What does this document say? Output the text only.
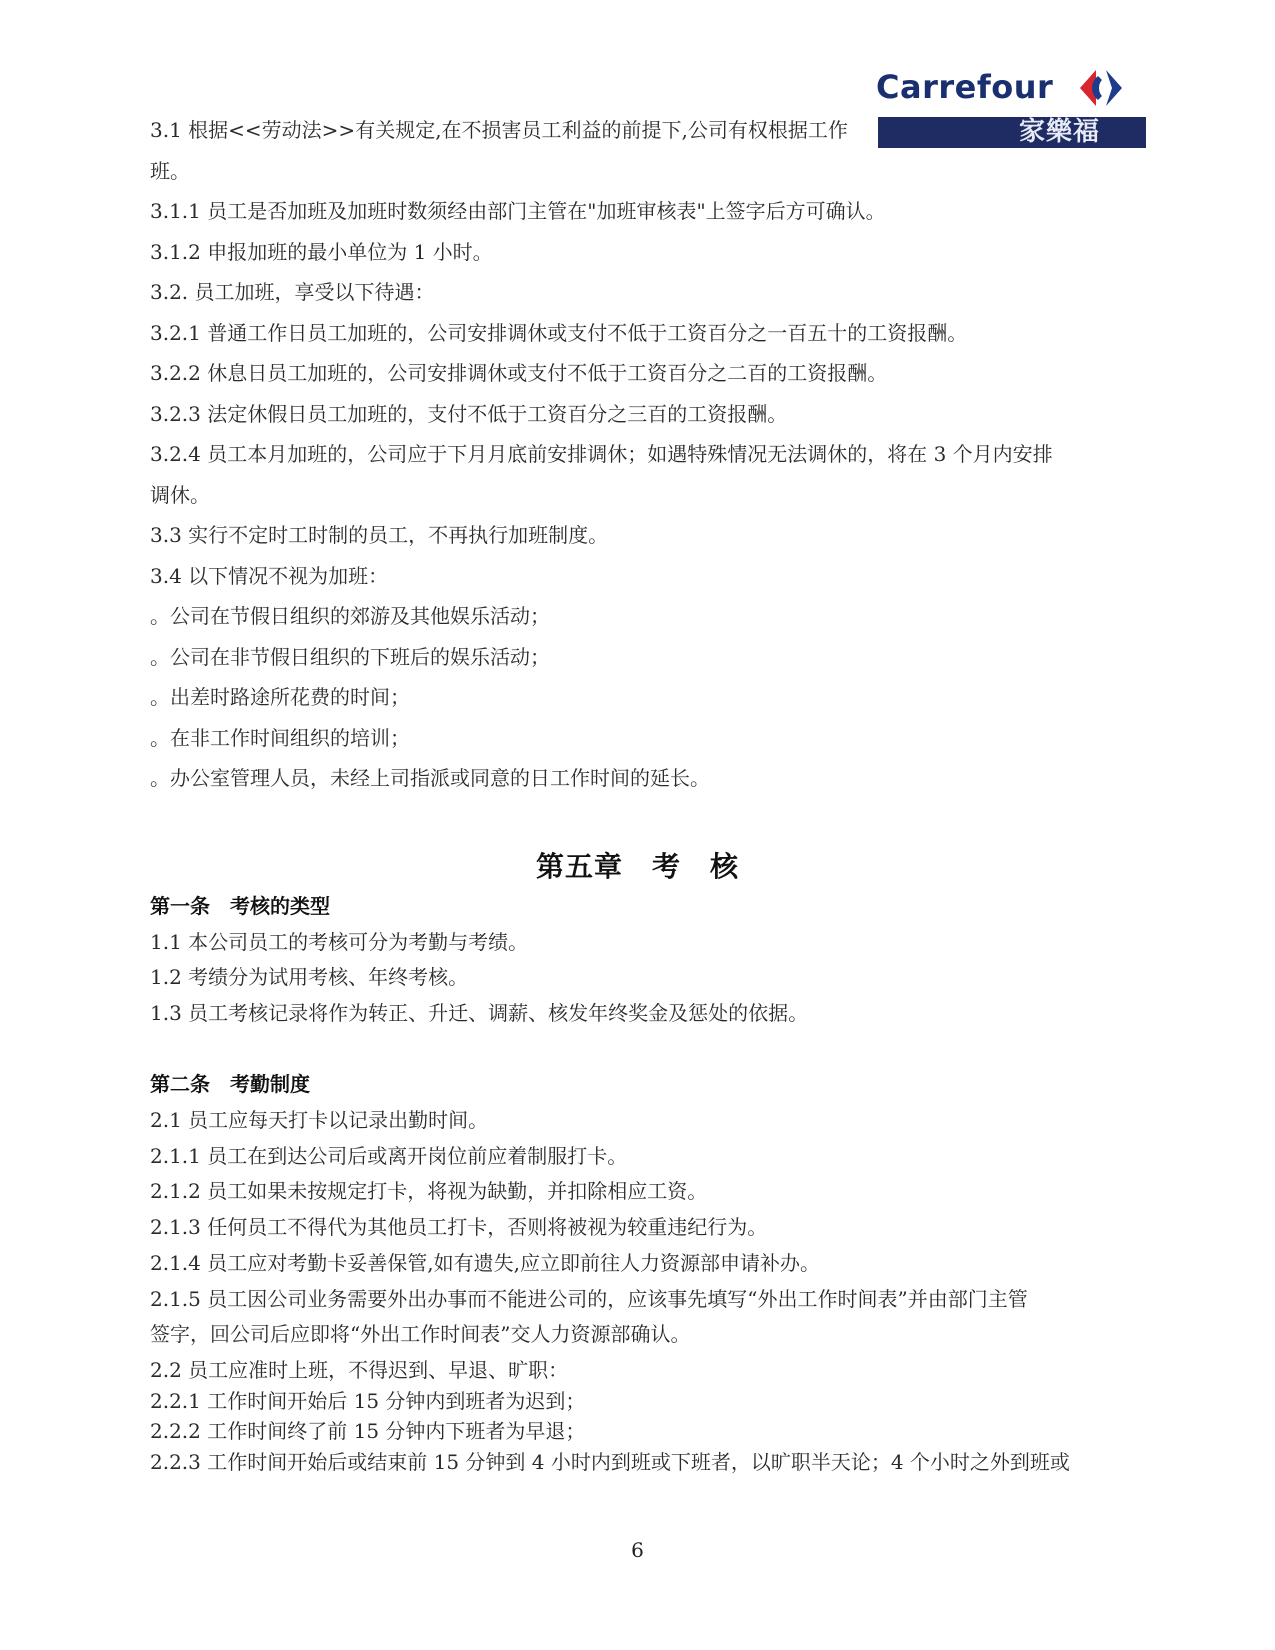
Carrefour
家樂福
3.1 根据<<劳动法>>有关规定,在不损害员工利益的前提下,公司有权根据工作
班。
3.1.1 员工是否加班及加班时数须经由部门主管在"加班审核表"上签字后方可确认。
3.1.2 申报加班的最小单位为 1 小时。
3.2. 员工加班，享受以下待遇：
3.2.1 普通工作日员工加班的，公司安排调休或支付不低于工资百分之一百五十的工资报酬。
3.2.2 休息日员工加班的，公司安排调休或支付不低于工资百分之二百的工资报酬。
3.2.3 法定休假日员工加班的，支付不低于工资百分之三百的工资报酬。
3.2.4 员工本月加班的，公司应于下月月底前安排调休；如遇特殊情况无法调休的，将在 3 个月内安排
调休。
3.3 实行不定时工时制的员工，不再执行加班制度。
3.4 以下情况不视为加班：
。公司在节假日组织的郊游及其他娱乐活动；
。公司在非节假日组织的下班后的娱乐活动；
。出差时路途所花费的时间；
。在非工作时间组织的培训；
。办公室管理人员，未经上司指派或同意的日工作时间的延长。
第五章　考　核
第一条　考核的类型
1.1 本公司员工的考核可分为考勤与考绩。
1.2 考绩分为试用考核、年终考核。
1.3 员工考核记录将作为转正、升迁、调薪、核发年终奖金及惩处的依据。
第二条　考勤制度
2.1 员工应每天打卡以记录出勤时间。
2.1.1 员工在到达公司后或离开岗位前应着制服打卡。
2.1.2 员工如果未按规定打卡，将视为缺勤，并扣除相应工资。
2.1.3 任何员工不得代为其他员工打卡，否则将被视为较重违纪行为。
2.1.4 员工应对考勤卡妥善保管,如有遗失,应立即前往人力资源部申请补办。
2.1.5 员工因公司业务需要外出办事而不能进公司的，应该事先填写“外出工作时间表”并由部门主管
签字，回公司后应即将“外出工作时间表”交人力资源部确认。
2.2 员工应准时上班，不得迟到、早退、旷职：
2.2.1 工作时间开始后 15 分钟内到班者为迟到；
2.2.2 工作时间终了前 15 分钟内下班者为早退；
2.2.3 工作时间开始后或结束前 15 分钟到 4 小时内到班或下班者，以旷职半天论；4 个小时之外到班或
6
